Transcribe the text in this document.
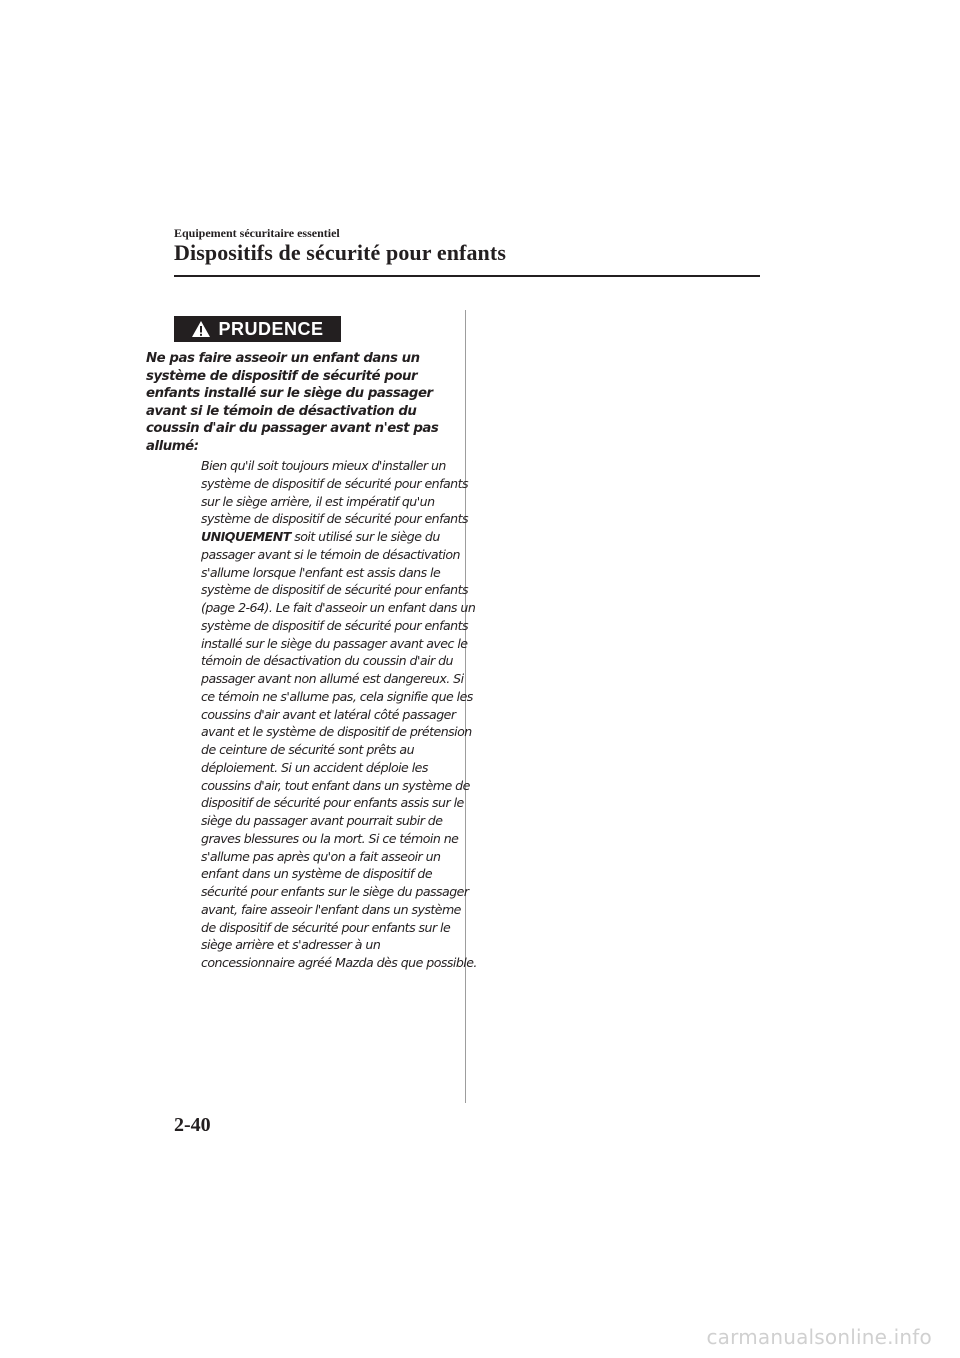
Equipement sécuritaire essentiel
Dispositifs de sécurité pour enfants
PRUDENCE

Ne pas faire asseoir un enfant dans un système de dispositif de sécurité pour enfants installé sur le siège du passager avant si le témoin de désactivation du coussin d'air du passager avant n'est pas allumé:

Bien qu'il soit toujours mieux d'installer un système de dispositif de sécurité pour enfants sur le siège arrière, il est impératif qu'un système de dispositif de sécurité pour enfants UNIQUEMENT soit utilisé sur le siège du passager avant si le témoin de désactivation s'allume lorsque l'enfant est assis dans le système de dispositif de sécurité pour enfants (page 2-64). Le fait d'asseoir un enfant dans un système de dispositif de sécurité pour enfants installé sur le siège du passager avant avec le témoin de désactivation du coussin d'air du passager avant non allumé est dangereux. Si ce témoin ne s'allume pas, cela signifie que les coussins d'air avant et latéral côté passager avant et le système de dispositif de prétension de ceinture de sécurité sont prêts au déploiement. Si un accident déploie les coussins d'air, tout enfant dans un système de dispositif de sécurité pour enfants assis sur le siège du passager avant pourrait subir de graves blessures ou la mort. Si ce témoin ne s'allume pas après qu'on a fait asseoir un enfant dans un système de dispositif de sécurité pour enfants sur le siège du passager avant, faire asseoir l'enfant dans un système de dispositif de sécurité pour enfants sur le siège arrière et s'adresser à un concessionnaire agréé Mazda dès que possible.

2-40
carmanualsonline.info
